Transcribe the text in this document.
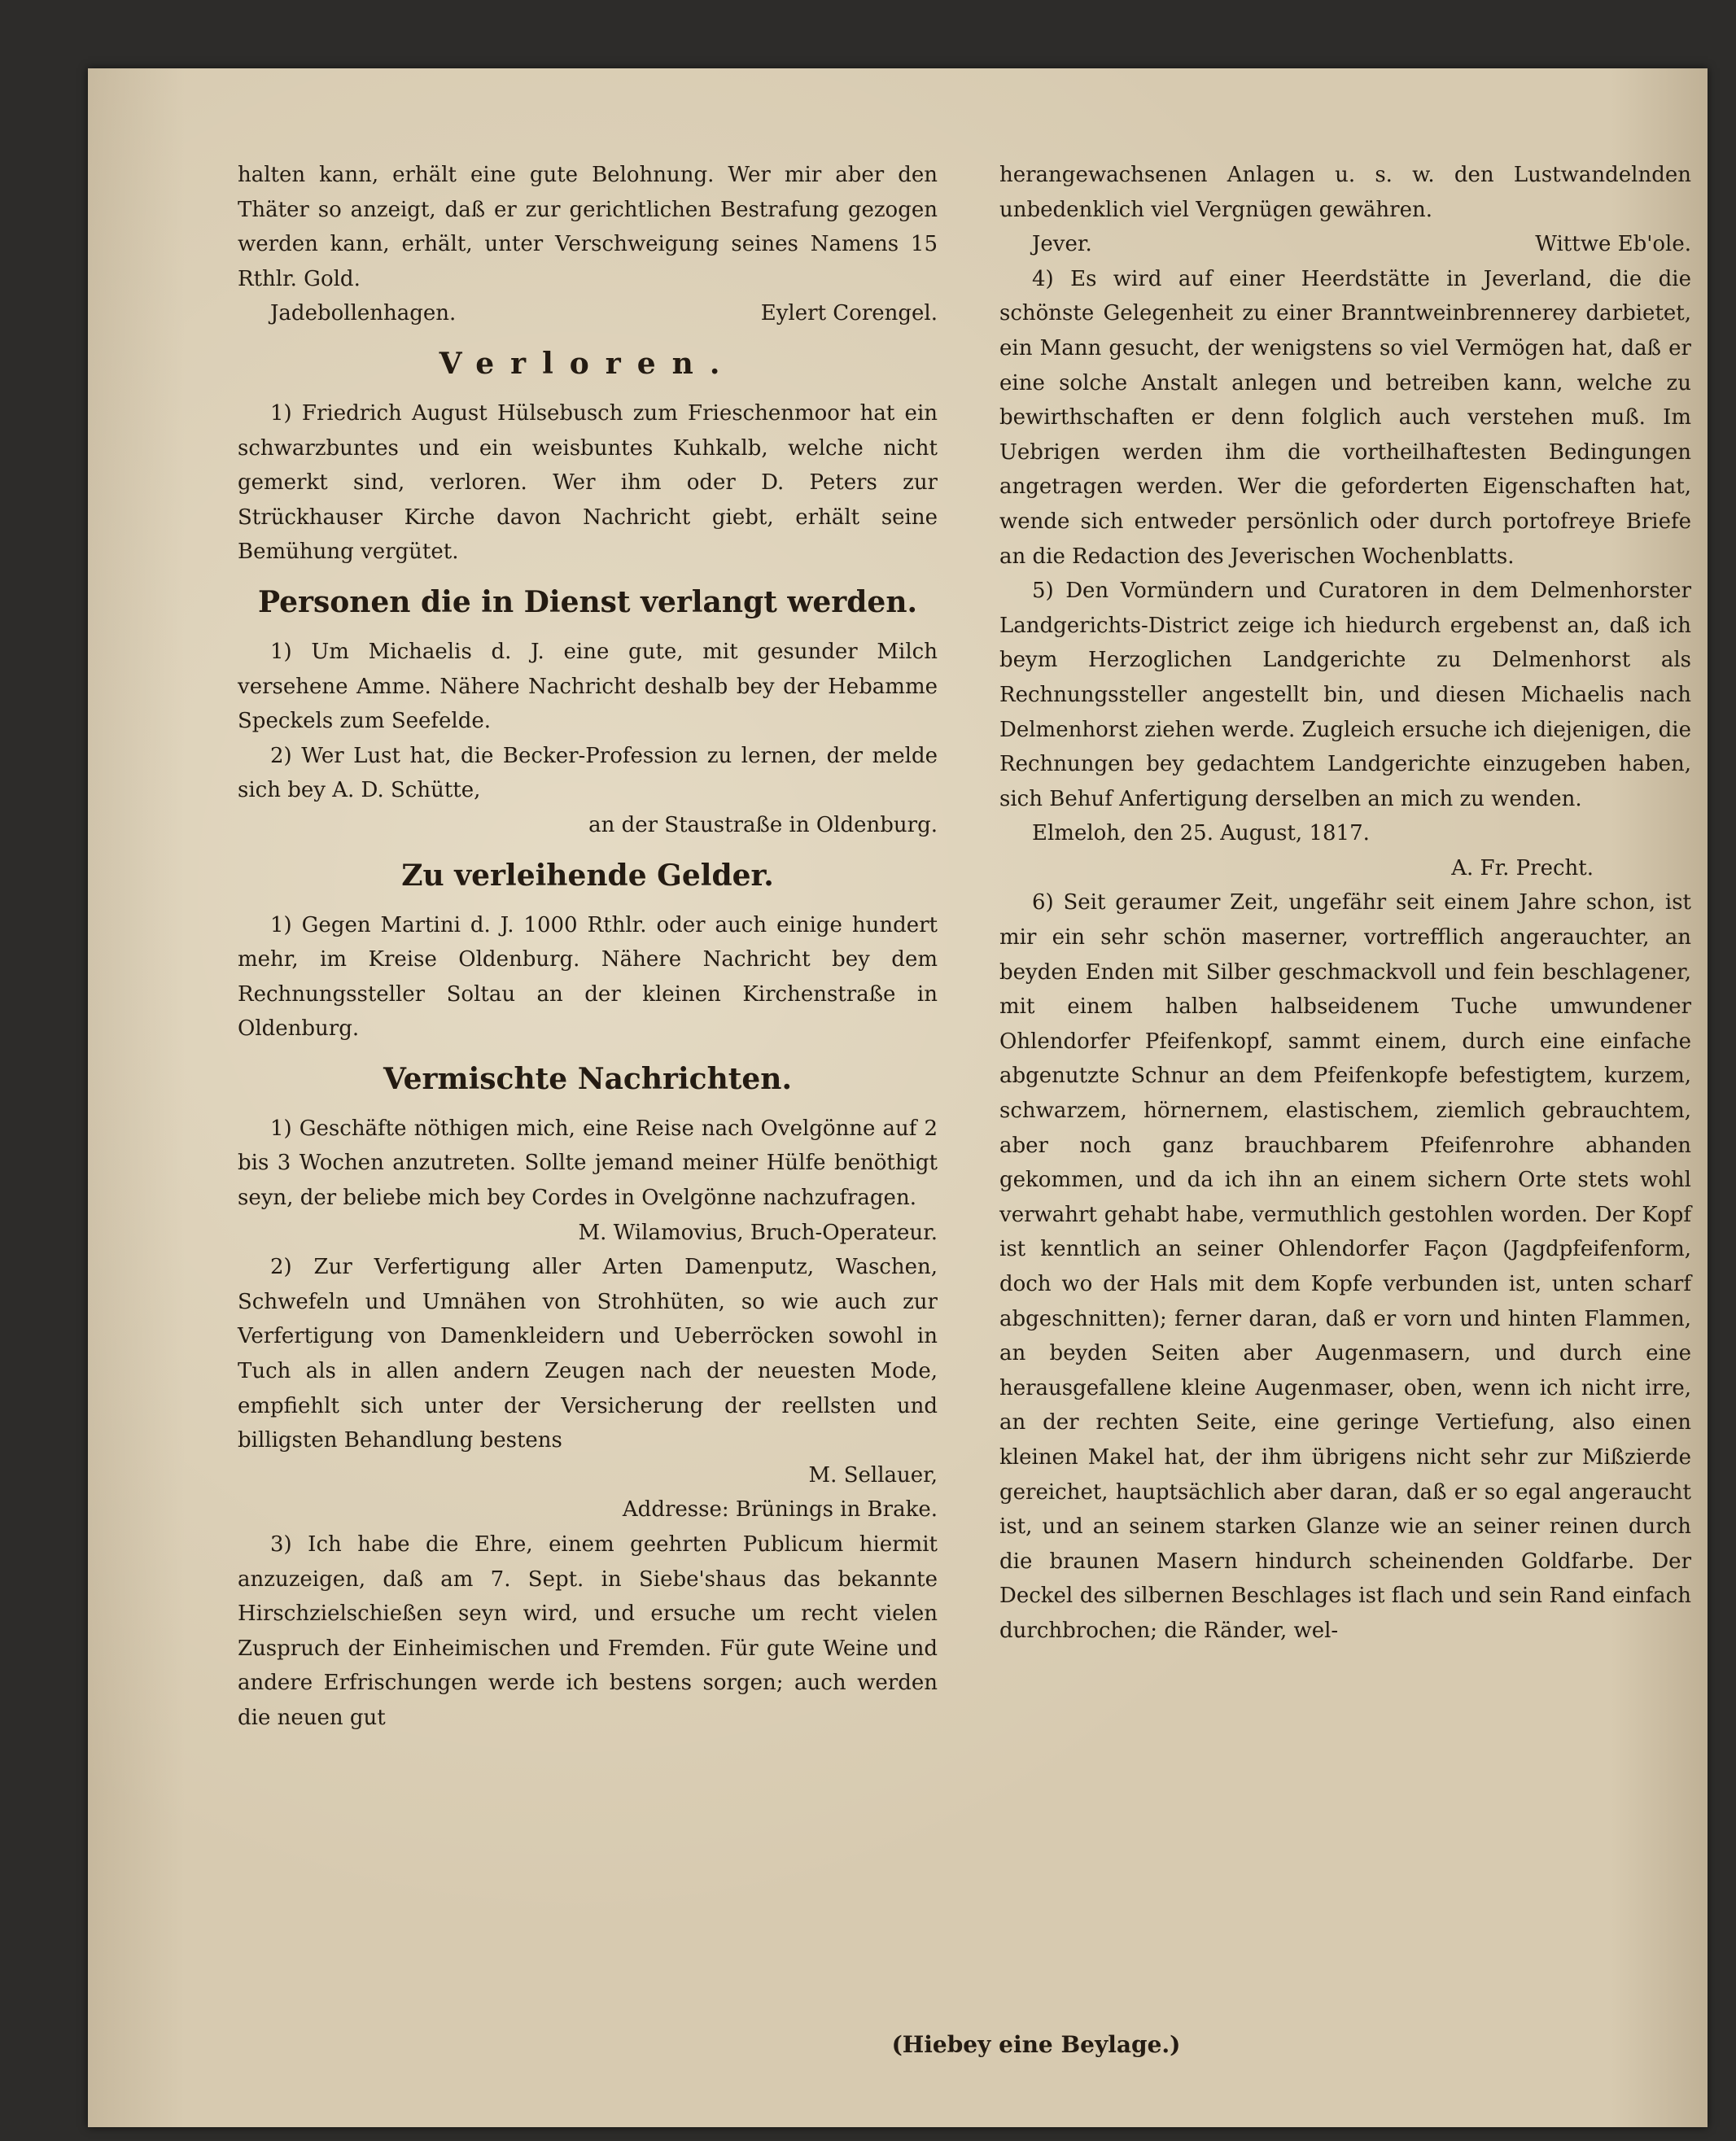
halten kann, erhält eine gute Belohnung. Wer mir aber den Thäter so anzeigt, daß er zur gerichtlichen Bestrafung gezogen werden kann, erhält, unter Verschweigung seines Namens 15 Rthlr. Gold.

Jadebollenhagen.	Eylert Corengel.
Verloren.

1) Friedrich August Hülsebusch zum Frieschenmoor hat ein schwarzbuntes und ein weisbuntes Kuhkalb, welche nicht gemerkt sind, verloren. Wer ihm oder D. Peters zur Strückhauser Kirche davon Nachricht giebt, erhält seine Bemühung vergütet.

Personen die in Dienst verlangt werden.

1) Um Michaelis d. J. eine gute, mit gesunder Milch versehene Amme. Nähere Nachricht deshalb bey der Hebamme Speckels zum Seefelde.

2) Wer Lust hat, die Becker-Profession zu lernen, der melde sich bey A. D. Schütte,

an der Staustraße in Oldenburg.
Zu verleihende Gelder.

1) Gegen Martini d. J. 1000 Rthlr. oder auch einige hundert mehr, im Kreise Oldenburg. Nähere Nachricht bey dem Rechnungssteller Soltau an der kleinen Kirchenstraße in Oldenburg.

Vermischte Nachrichten.

1) Geschäfte nöthigen mich, eine Reise nach Ovelgönne auf 2 bis 3 Wochen anzutreten. Sollte jemand meiner Hülfe benöthigt seyn, der beliebe mich bey Cordes in Ovelgönne nachzufragen.

M. Wilamovius, Bruch-Operateur.

2) Zur Verfertigung aller Arten Damenputz, Waschen, Schwefeln und Umnähen von Strohhüten, so wie auch zur Verfertigung von Damenkleidern und Ueberröcken sowohl in Tuch als in allen andern Zeugen nach der neuesten Mode, empfiehlt sich unter der Versicherung der reellsten und billigsten Behandlung bestens

M. Sellauer,
Addresse: Brünings in Brake.

3) Ich habe die Ehre, einem geehrten Publicum hiermit anzuzeigen, daß am 7. Sept. in Siebe'shaus das bekannte Hirschzielschießen seyn wird, und ersuche um recht vielen Zuspruch der Einheimischen und Fremden. Für gute Weine und andere Erfrischungen werde ich bestens sorgen; auch werden die neuen gut

herangewachsenen Anlagen u. s. w. den Lustwandelnden unbedenklich viel Vergnügen gewähren.

Jever.	Wittwe Eb'ole.

4) Es wird auf einer Heerdstätte in Jeverland, die die schönste Gelegenheit zu einer Branntweinbrennerey darbietet, ein Mann gesucht, der wenigstens so viel Vermögen hat, daß er eine solche Anstalt anlegen und betreiben kann, welche zu bewirthschaften er denn folglich auch verstehen muß. Im Uebrigen werden ihm die vortheilhaftesten Bedingungen angetragen werden. Wer die geforderten Eigenschaften hat, wende sich entweder persönlich oder durch portofreye Briefe an die Redaction des Jeverischen Wochenblatts.

5) Den Vormündern und Curatoren in dem Delmenhorster Landgerichts-District zeige ich hiedurch ergebenst an, daß ich beym Herzoglichen Landgerichte zu Delmenhorst als Rechnungssteller angestellt bin, und diesen Michaelis nach Delmenhorst ziehen werde. Zugleich ersuche ich diejenigen, die Rechnungen bey gedachtem Landgerichte einzugeben haben, sich Behuf Anfertigung derselben an mich zu wenden.

Elmeloh, den 25. August, 1817.
A. Fr. Precht.

6) Seit geraumer Zeit, ungefähr seit einem Jahre schon, ist mir ein sehr schön maserner, vortrefflich angerauchter, an beyden Enden mit Silber geschmackvoll und fein beschlagener, mit einem halben halbseidenem Tuche umwundener Ohlendorfer Pfeifenkopf, sammt einem, durch eine einfache abgenutzte Schnur an dem Pfeifenkopfe befestigtem, kurzem, schwarzem, hörnernem, elastischem, ziemlich gebrauchtem, aber noch ganz brauchbarem Pfeifenrohre abhanden gekommen, und da ich ihn an einem sichern Orte stets wohl verwahrt gehabt habe, vermuthlich gestohlen worden. Der Kopf ist kenntlich an seiner Ohlendorfer Façon (Jagdpfeifenform, doch wo der Hals mit dem Kopfe verbunden ist, unten scharf abgeschnitten); ferner daran, daß er vorn und hinten Flammen, an beyden Seiten aber Augenmasern, und durch eine herausgefallene kleine Augenmaser, oben, wenn ich nicht irre, an der rechten Seite, eine geringe Vertiefung, also einen kleinen Makel hat, der ihm übrigens nicht sehr zur Mißzierde gereichet, hauptsächlich aber daran, daß er so egal angeraucht ist, und an seinem starken Glanze wie an seiner reinen durch die braunen Masern hindurch scheinenden Goldfarbe. Der Deckel des silbernen Beschlages ist flach und sein Rand einfach durchbrochen; die Ränder, wel-

(Hiebey eine Beylage.)
